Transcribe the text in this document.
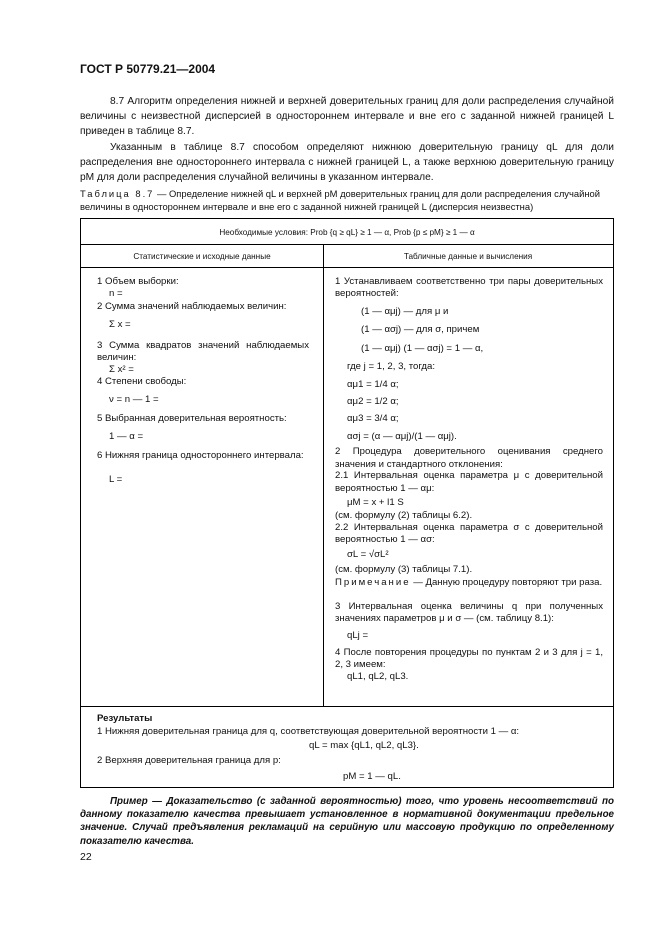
ГОСТ Р 50779.21—2004
8.7 Алгоритм определения нижней и верхней доверительных границ для доли распределения случайной величины с неизвестной дисперсией в одностороннем интервале и вне его с заданной нижней границей L приведен в таблице 8.7.
Указанным в таблице 8.7 способом определяют нижнюю доверительную границу qL для доли распределения вне одностороннего интервала с нижней границей L, а также верхнюю доверительную границу pM для доли распределения случайной величины в указанном интервале.
Таблица 8.7 — Определение нижней qL и верхней pM доверительных границ для доли распределения случайной величины в одностороннем интервале и вне его с заданной нижней границей L (дисперсия неизвестна)
Необходимые условия: Prob {q ≥ qL} ≥ 1 — α, Prob {p ≤ pM} ≥ 1 — α
Статистические и исходные данные	Табличные данные и вычисления
1 Объем выборки:
n =
2 Сумма значений наблюдаемых величин:
Σ x =
3 Сумма квадратов значений наблюдаемых величин:
Σ x² =
4 Степени свободы:
ν = n — 1 =
5 Выбранная доверительная вероятность:
1 — α =
6 Нижняя граница одностороннего интервала:
L =
1 Устанавливаем соответственно три пары доверительных вероятностей:
(1 — αμj) — для μ и
(1 — ασj) — для σ, причем
(1 — αμj) (1 — ασj) = 1 — α,
где j = 1, 2, 3, тогда:
αμ1 = 1/4 α;
αμ2 = 1/2 α;
αμ3 = 3/4 α;
ασj = (α — αμj)/(1 — αμj).
2 Процедура доверительного оценивания среднего значения и стандартного отклонения:
2.1 Интервальная оценка параметра μ с доверительной вероятностью 1 — αμ:
μM = x + l1 S
(см. формулу (2) таблицы 6.2).
2.2 Интервальная оценка параметра σ с доверительной вероятностью 1 — ασ:
σL = √σL²
(см. формулу (3) таблицы 7.1).
Примечание — Данную процедуру повторяют три раза.
3 Интервальная оценка величины q при полученных значениях параметров μ и σ — (см. таблицу 8.1):
qLj =
4 После повторения процедуры по пунктам 2 и 3 для j = 1, 2, 3 имеем:
qL1, qL2, qL3.
Результаты
1 Нижняя доверительная граница для q, соответствующая доверительной вероятности 1 — α:
qL = max {qL1, qL2, qL3}.
2 Верхняя доверительная граница для p:
pM = 1 — qL.
Пример — Доказательство (с заданной вероятностью) того, что уровень несоответствий по данному показателю качества превышает установленное в нормативной документации предельное значение. Случай предъявления рекламаций на серийную или массовую продукцию по определенному показателю качества.
22
